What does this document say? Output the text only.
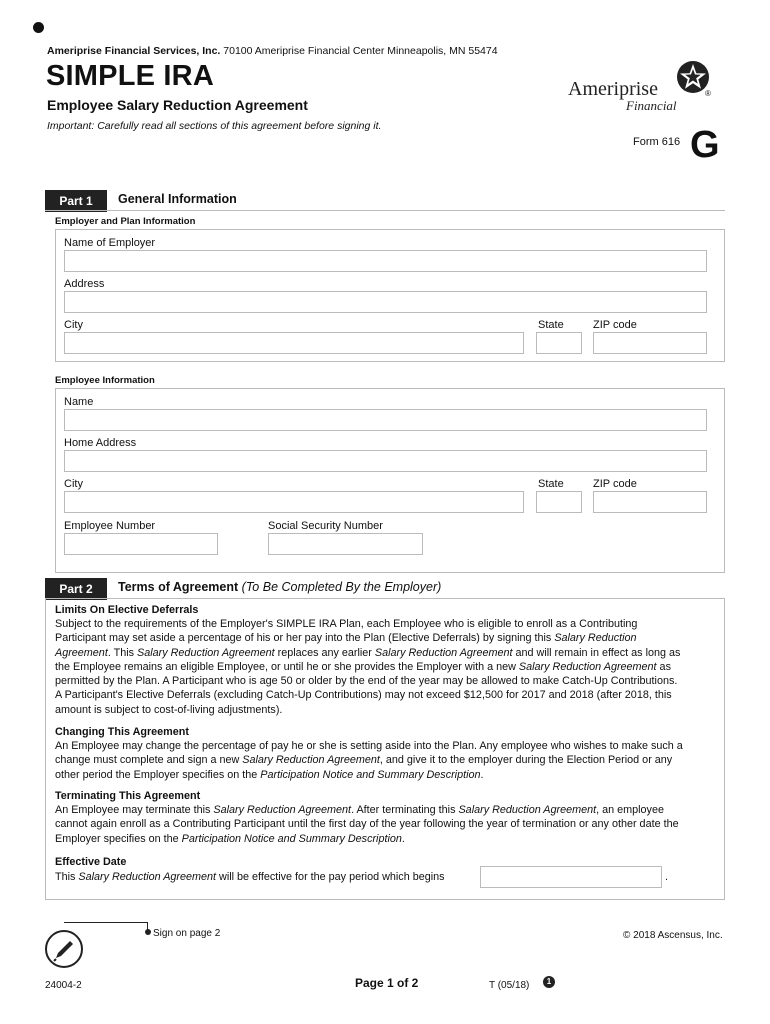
Ameriprise Financial Services, Inc. 70100 Ameriprise Financial Center Minneapolis, MN 55474
SIMPLE IRA
Employee Salary Reduction Agreement
Important: Carefully read all sections of this agreement before signing it.
Ameriprise
Financial
®
Form 616 G
Part 1	General Information
Employer and Plan Information
Name of Employer
Address
City	State	ZIP code
Employee Information
Name
Home Address
City	State	ZIP code
Employee Number	Social Security Number
Part 2	Terms of Agreement (To Be Completed By the Employer)
Limits On Elective Deferrals
Subject to the requirements of the Employer's SIMPLE IRA Plan, each Employee who is eligible to enroll as a Contributing
Participant may set aside a percentage of his or her pay into the Plan (Elective Deferrals) by signing this Salary Reduction
Agreement. This Salary Reduction Agreement replaces any earlier Salary Reduction Agreement and will remain in effect as long as
the Employee remains an eligible Employee, or until he or she provides the Employer with a new Salary Reduction Agreement as
permitted by the Plan. A Participant who is age 50 or older by the end of the year may be allowed to make Catch-Up Contributions.
A Participant's Elective Deferrals (excluding Catch-Up Contributions) may not exceed $12,500 for 2017 and 2018 (after 2018, this
amount is subject to cost-of-living adjustments).
Changing This Agreement
An Employee may change the percentage of pay he or she is setting aside into the Plan. Any employee who wishes to make such a
change must complete and sign a new Salary Reduction Agreement, and give it to the employer during the Election Period or any
other period the Employer specifies on the Participation Notice and Summary Description.
Terminating This Agreement
An Employee may terminate this Salary Reduction Agreement. After terminating this Salary Reduction Agreement, an employee
cannot again enroll as a Contributing Participant until the first day of the year following the year of termination or any other date the
Employer specifies on the Participation Notice and Summary Description.
Effective Date
This Salary Reduction Agreement will be effective for the pay period which begins	.
Sign on page 2	© 2018 Ascensus, Inc.
24004-2	Page 1 of 2	T (05/18)	1
